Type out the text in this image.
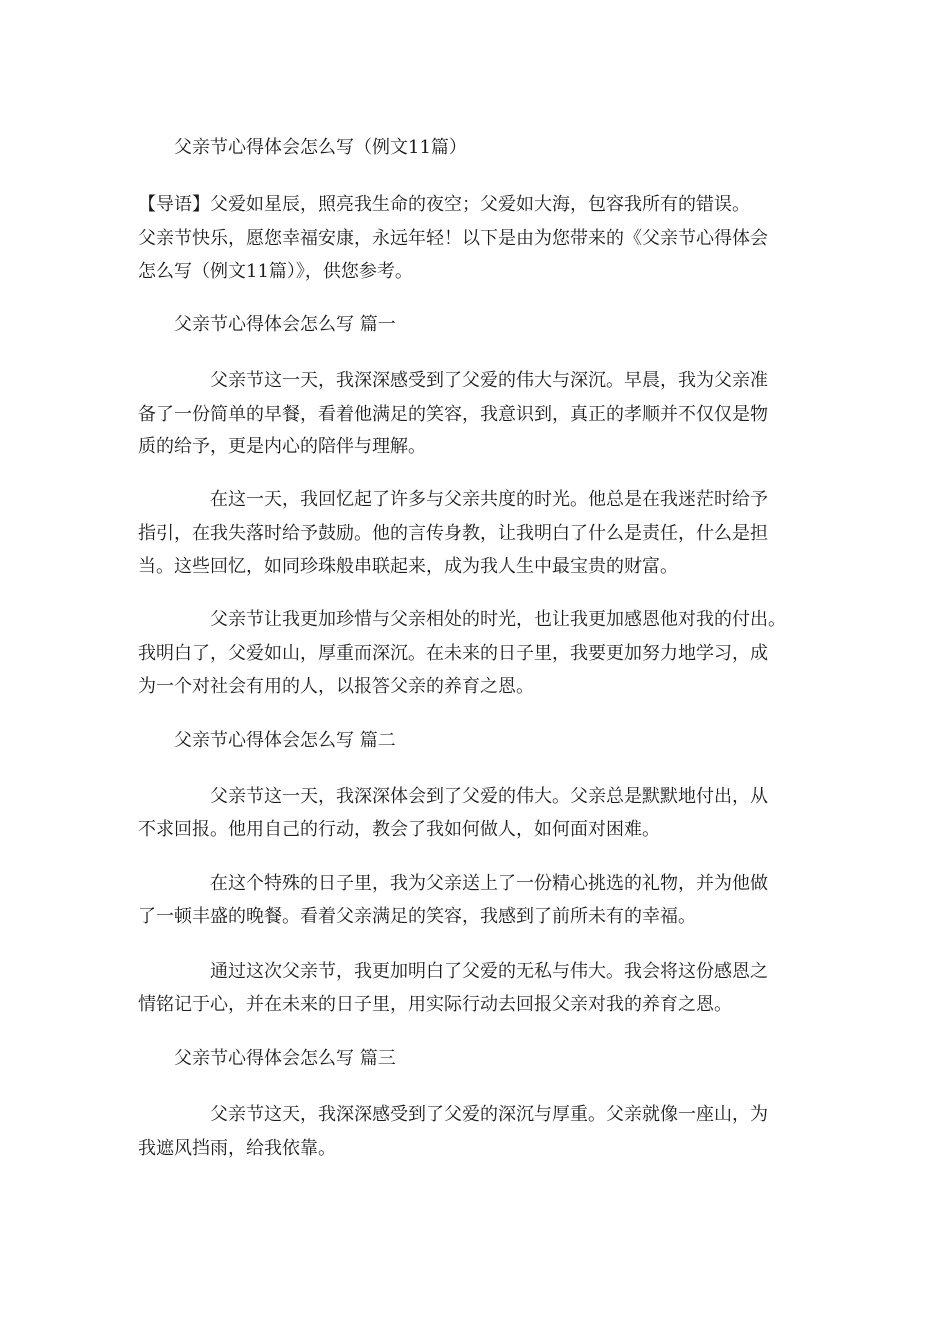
父亲节心得体会怎么写（例文11篇）

【导语】父爱如星辰，照亮我生命的夜空；父爱如大海，包容我所有的错误。

父亲节快乐，愿您幸福安康，永远年轻！以下是由为您带来的《父亲节心得体会

怎么写（例文11篇）》，供您参考。

父亲节心得体会怎么写 篇一

父亲节这一天，我深深感受到了父爱的伟大与深沉。早晨，我为父亲准

备了一份简单的早餐，看着他满足的笑容，我意识到，真正的孝顺并不仅仅是物

质的给予，更是内心的陪伴与理解。

在这一天，我回忆起了许多与父亲共度的时光。他总是在我迷茫时给予

指引，在我失落时给予鼓励。他的言传身教，让我明白了什么是责任，什么是担

当。这些回忆，如同珍珠般串联起来，成为我人生中最宝贵的财富。

父亲节让我更加珍惜与父亲相处的时光，也让我更加感恩他对我的付出。

我明白了，父爱如山，厚重而深沉。在未来的日子里，我要更加努力地学习，成

为一个对社会有用的人，以报答父亲的养育之恩。

父亲节心得体会怎么写 篇二

父亲节这一天，我深深体会到了父爱的伟大。父亲总是默默地付出，从

不求回报。他用自己的行动，教会了我如何做人，如何面对困难。

在这个特殊的日子里，我为父亲送上了一份精心挑选的礼物，并为他做

了一顿丰盛的晚餐。看着父亲满足的笑容，我感到了前所未有的幸福。

通过这次父亲节，我更加明白了父爱的无私与伟大。我会将这份感恩之

情铭记于心，并在未来的日子里，用实际行动去回报父亲对我的养育之恩。

父亲节心得体会怎么写 篇三

父亲节这天，我深深感受到了父爱的深沉与厚重。父亲就像一座山，为

我遮风挡雨，给我依靠。
